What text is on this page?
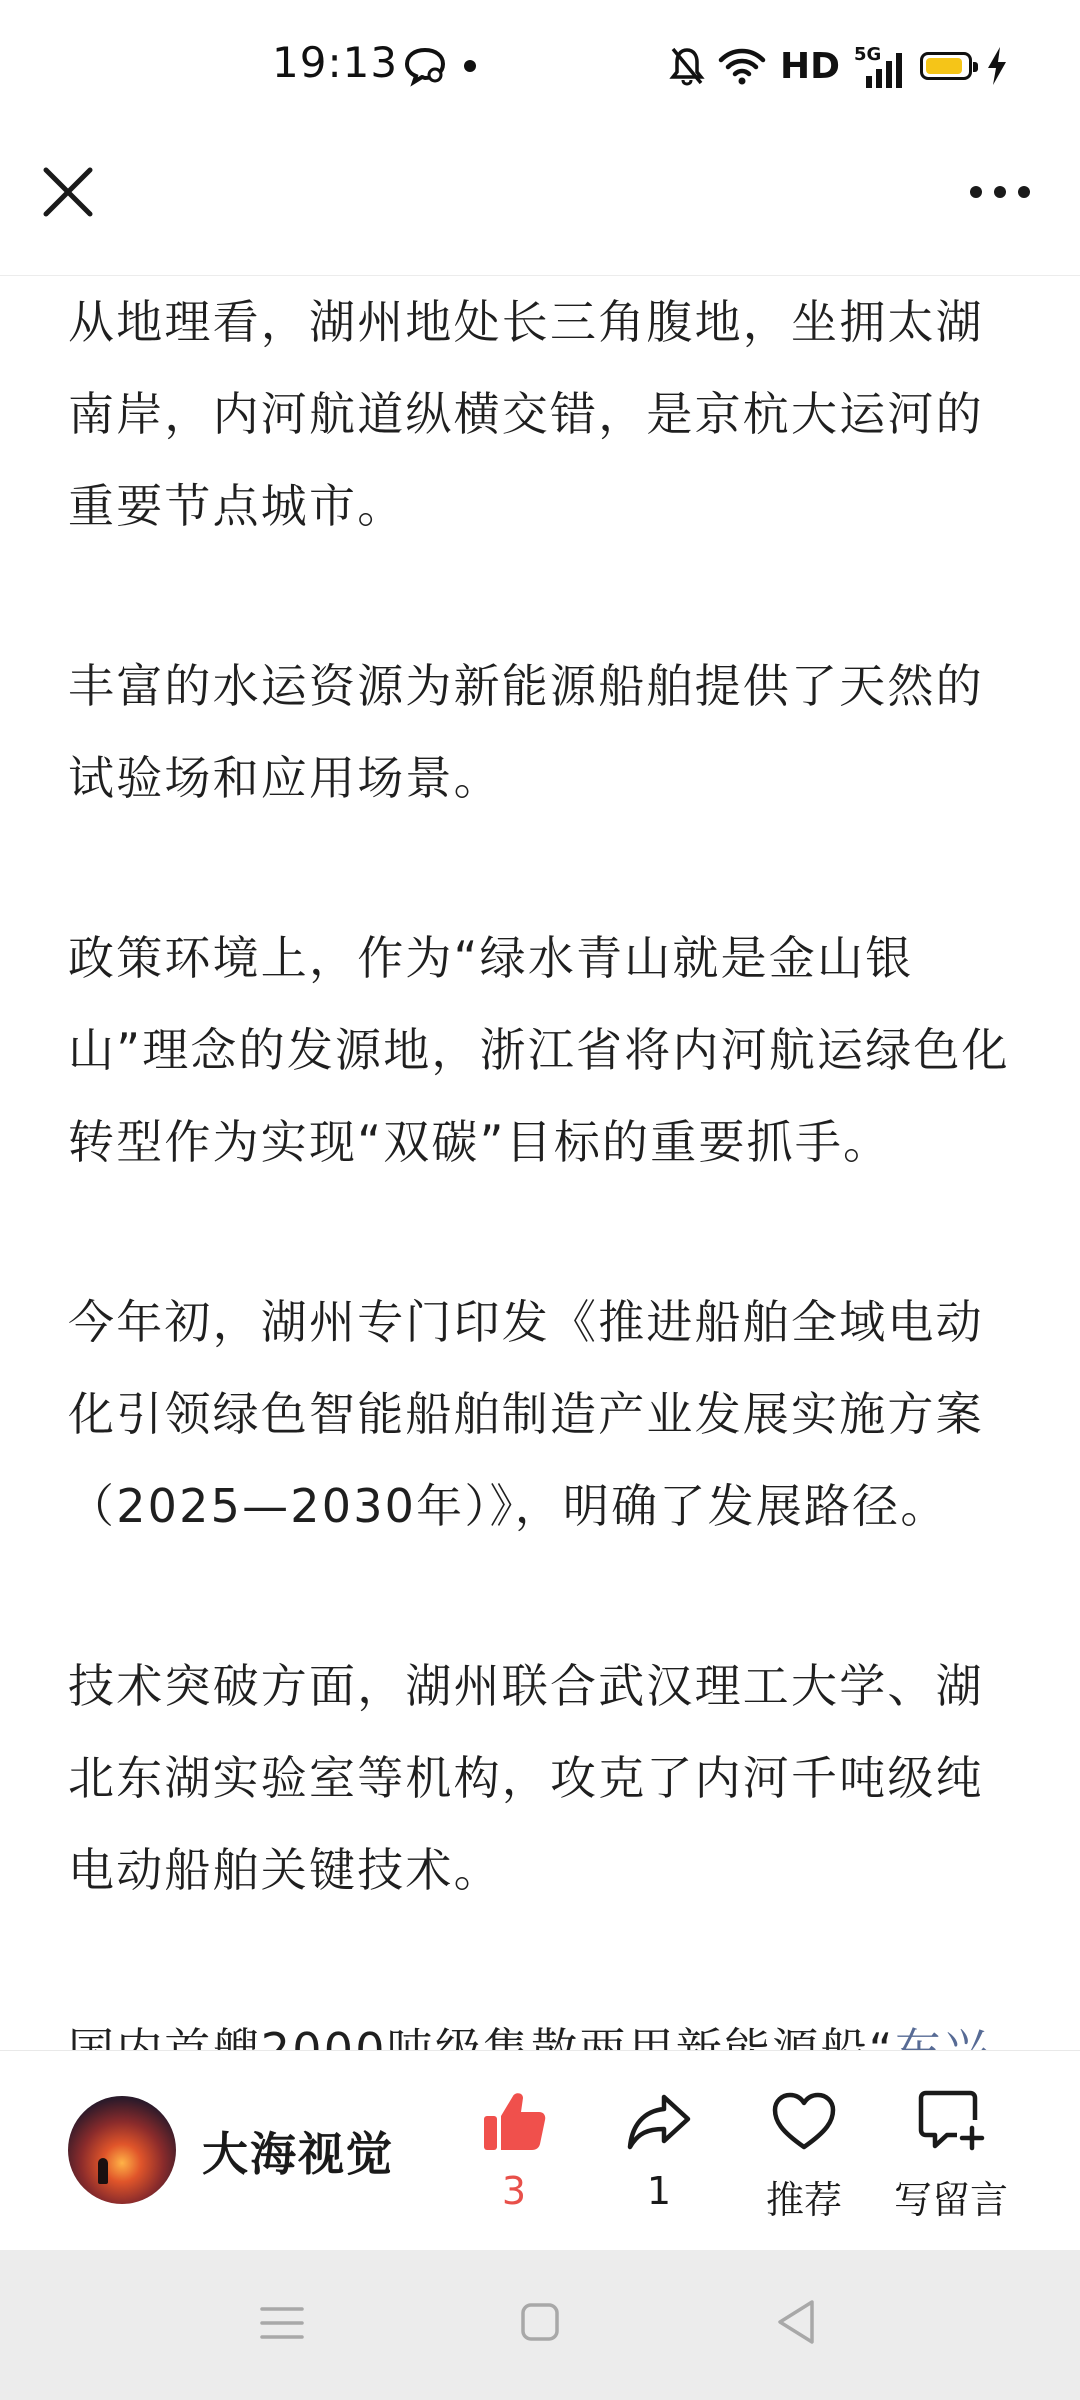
19:13	HD 5G

从地理看，湖州地处长三角腹地，坐拥太湖南岸，内河航道纵横交错，是京杭大运河的重要节点城市。

丰富的水运资源为新能源船舶提供了天然的试验场和应用场景。

政策环境上，作为“绿水青山就是金山银山”理念的发源地，浙江省将内河航运绿色化转型作为实现“双碳”目标的重要抓手。

今年初，湖州专门印发《推进船舶全域电动化引领绿色智能船舶制造产业发展实施方案（2025—2030年）》，明确了发展路径。

技术突破方面，湖州联合武汉理工大学、湖北东湖实验室等机构，攻克了内河千吨级纯电动船舶关键技术。

大海视觉
3	1 推荐 写留言
